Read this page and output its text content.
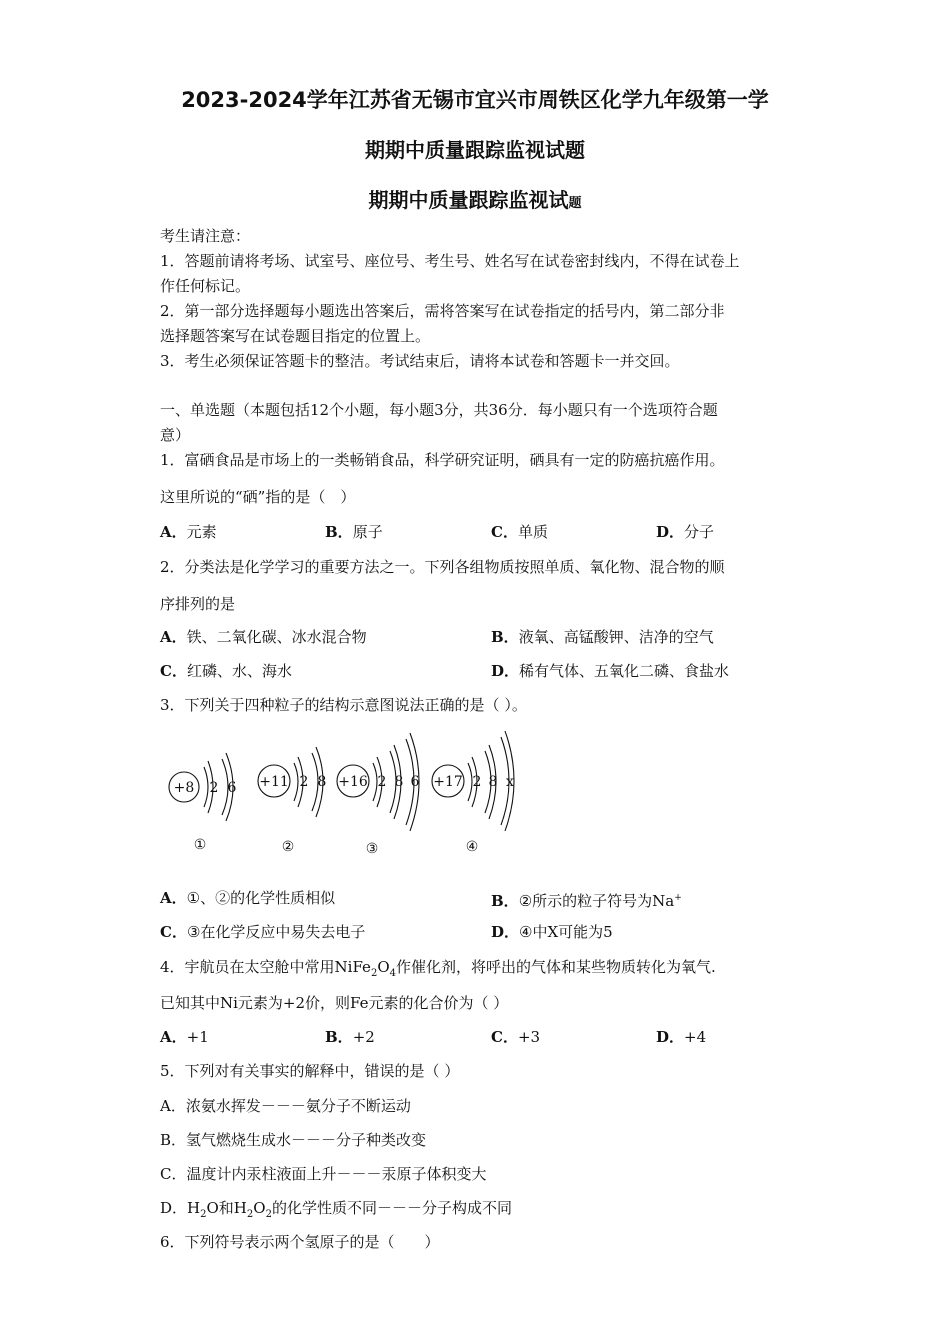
2023-2024学年江苏省无锡市宜兴市周铁区化学九年级第一学
期期中质量跟踪监视试题
期期中质量跟踪监视试题
考生请注意：
1．答题前请将考场、试室号、座位号、考生号、姓名写在试卷密封线内，不得在试卷上
作任何标记。
2．第一部分选择题每小题选出答案后，需将答案写在试卷指定的括号内，第二部分非
选择题答案写在试卷题目指定的位置上。
3．考生必须保证答题卡的整洁。考试结束后，请将本试卷和答题卡一并交回。
一、单选题（本题包括12个小题，每小题3分，共36分．每小题只有一个选项符合题
意）
1．富硒食品是市场上的一类畅销食品，科学研究证明，硒具有一定的防癌抗癌作用。
这里所说的“硒”指的是（　）
A．元素	B．原子	C．单质	D．分子
2．分类法是化学学习的重要方法之一。下列各组物质按照单质、氧化物、混合物的顺
序排列的是
A．铁、二氧化碳、冰水混合物	B．液氧、高锰酸钾、洁净的空气
C．红磷、水、海水	D．稀有气体、五氧化二磷、食盐水
3．下列关于四种粒子的结构示意图说法正确的是（ ）。
+8 2 6
①
+11 2 8
②
+16 2 8 6
③
+17 2 8 x
④
A．①、②的化学性质相似	B．②所示的粒子符号为Na+
C．③在化学反应中易失去电子	D．④中X可能为5
4．宇航员在太空舱中常用$NiFe_2O_4$作催化剂，将呼出的气体和某些物质转化为氧气.
已知其中Ni元素为+2价，则Fe元素的化合价为（ ）
A．+1	B．+2	C．+3	D．+4
5．下列对有关事实的解释中，错误的是（ ）
A．浓氨水挥发－－－氨分子不断运动
B．氢气燃烧生成水－－－分子种类改变
C．温度计内汞柱液面上升－－－汞原子体积变大
D．$H_2O$和$H_2O_2$的化学性质不同－－－分子构成不同
6．下列符号表示两个氢原子的是（　　）
